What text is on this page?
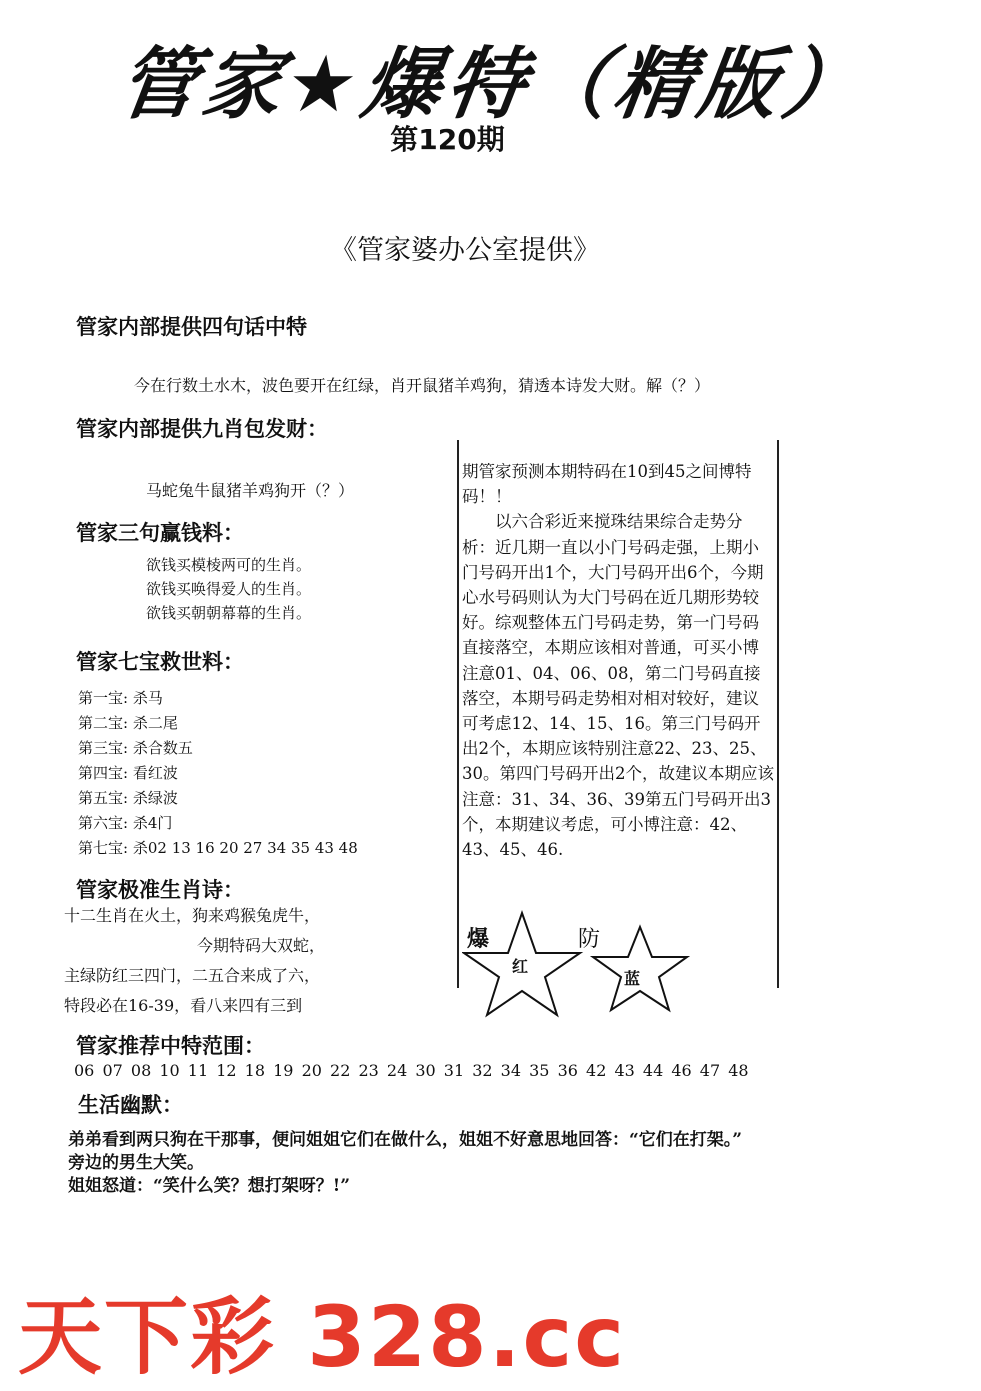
管家★爆特（精版）
第120期
《管家婆办公室提供》
管家内部提供四句话中特
今在行数土水木，波色要开在红绿，肖开鼠猪羊鸡狗，猜透本诗发大财。解（？）
管家内部提供九肖包发财：
马蛇兔牛鼠猪羊鸡狗开（？）
管家三句赢钱料：
欲钱买模棱两可的生肖。
欲钱买唤得爱人的生肖。
欲钱买朝朝幕幕的生肖。
管家七宝救世料：
第一宝: 杀马
第二宝: 杀二尾
第三宝: 杀合数五
第四宝: 看红波
第五宝: 杀绿波
第六宝: 杀4门
第七宝: 杀02 13 16 20 27 34 35 43 48
管家极准生肖诗：
十二生肖在火土，狗来鸡猴兔虎牛，
今期特码大双蛇，
主绿防红三四门，二五合来成了六，
特段必在16-39，看八来四有三到

期管家预测本期特码在10到45之间博特码！！

以六合彩近来搅珠结果综合走势分析：近几期一直以小门号码走强，上期小门号码开出1个，大门号码开出6个，今期心水号码则认为大门号码在近几期形势较好。综观整体五门号码走势，第一门号码直接落空，本期应该相对普通，可买小博注意01、04、06、08，第二门号码直接落空，本期号码走势相对相对较好，建议可考虑12、14、15、16。第三门号码开出2个，本期应该特别注意22、23、25、30。第四门号码开出2个，故建议本期应该注意：31、34、36、39第五门号码开出3个，本期建议考虑，可小博注意：42、43、45、46.

爆
红
防
蓝
管家推荐中特范围：
06 07 08 10 11 12 18 19 20 22 23 24 30 31 32 34 35 36 42 43 44 46 47 48
生活幽默：
弟弟看到两只狗在干那事，便问姐姐它们在做什么，姐姐不好意思地回答：“它们在打架。”
旁边的男生大笑。
姐姐怒道：“笑什么笑？想打架呀？!”
天下彩 328.cc
